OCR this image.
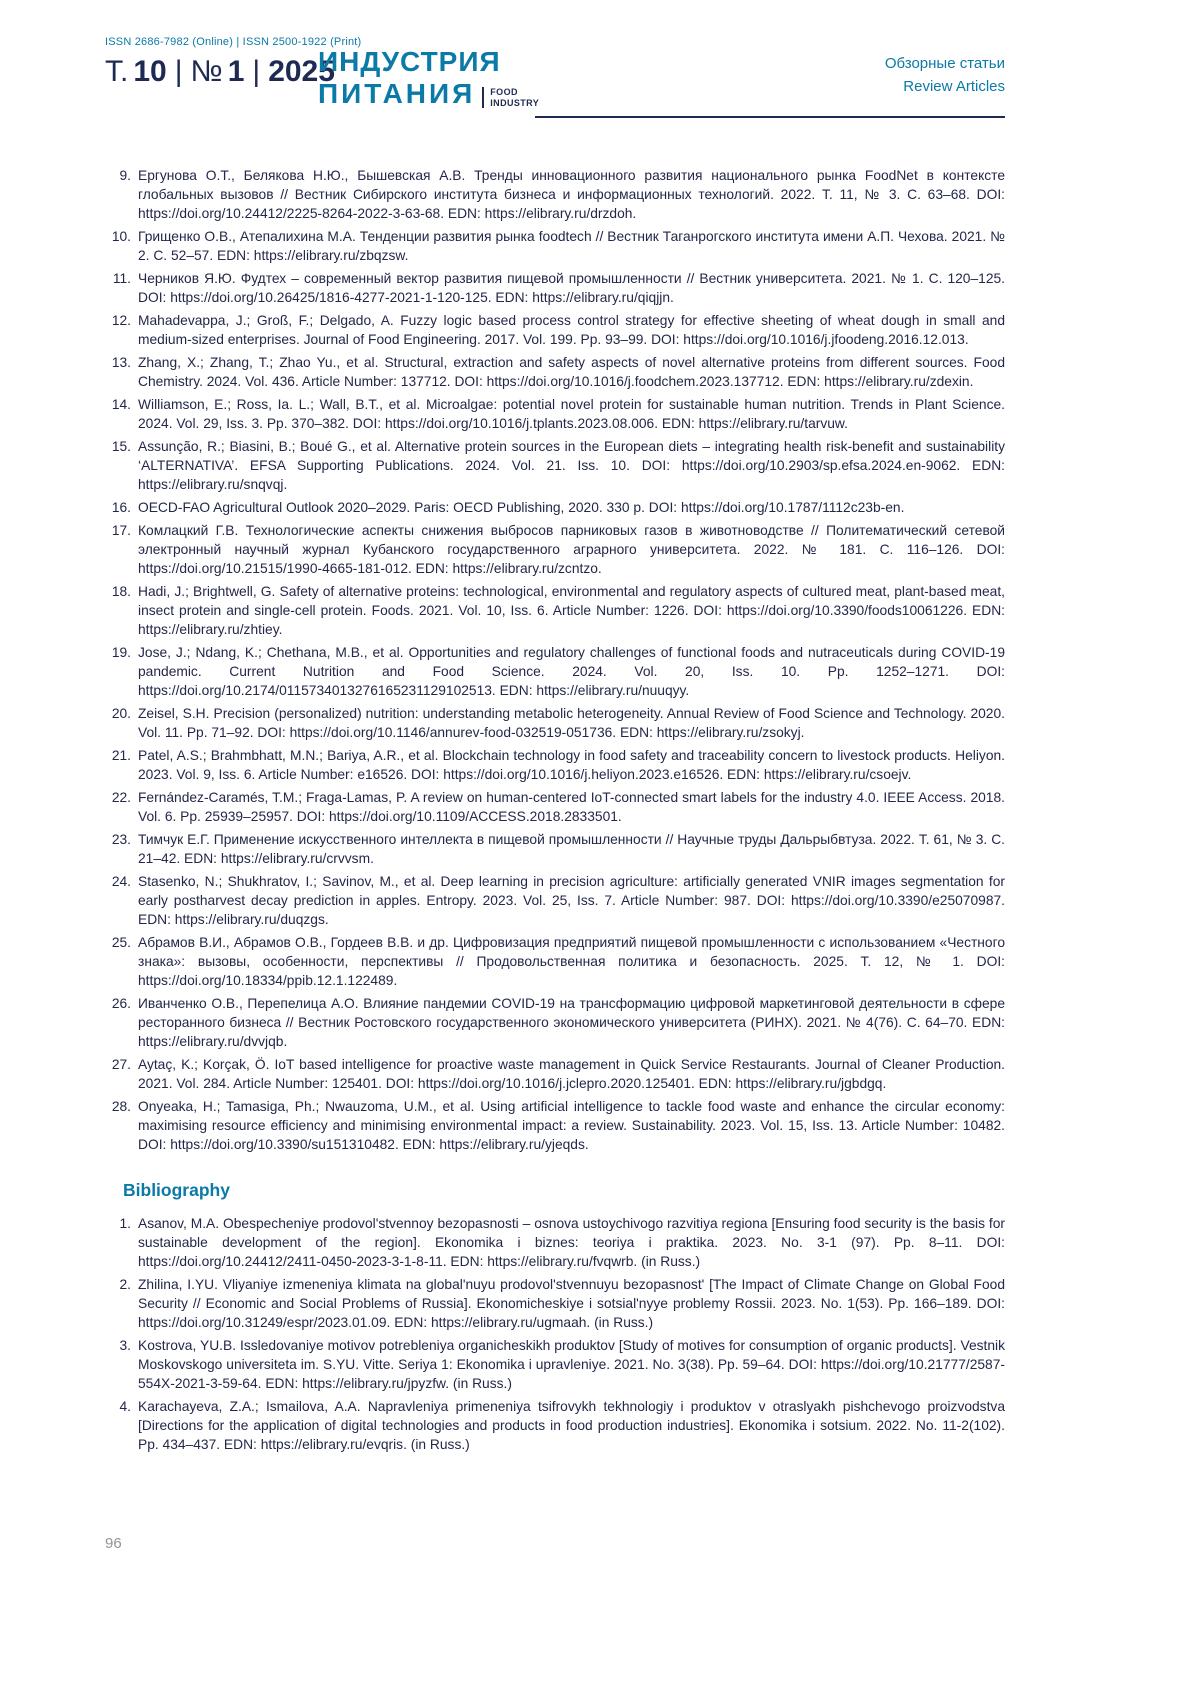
ISSN 2686-7982 (Online) | ISSN 2500-1922 (Print)
Т. 10 | № 1 | 2025
ИНДУСТРИЯ
ПИТАНИЯ FOOD
INDUSTRY
Обзорные статьи
Review Articles
9. Ергунова О.Т., Белякова Н.Ю., Бышевская А.В. Тренды инновационного развития национального рынка FoodNet в контексте глобальных вызовов // Вестник Сибирского института бизнеса и информационных технологий. 2022. Т. 11, № 3. С. 63–68. DOI: https://doi.org/10.24412/2225-8264-2022-3-63-68. EDN: https://elibrary.ru/drzdoh.
10. Грищенко О.В., Атепалихина М.А. Тенденции развития рынка foodtech // Вестник Таганрогского института имени А.П. Чехова. 2021. № 2. С. 52–57. EDN: https://elibrary.ru/zbqzsw.
11. Черников Я.Ю. Фудтех – современный вектор развития пищевой промышленности // Вестник университета. 2021. № 1. С. 120–125. DOI: https://doi.org/10.26425/1816-4277-2021-1-120-125. EDN: https://elibrary.ru/qiqjjn.
12. Mahadevappa, J.; Groß, F.; Delgado, A. Fuzzy logic based process control strategy for effective sheeting of wheat dough in small and medium-sized enterprises. Journal of Food Engineering. 2017. Vol. 199. Pp. 93–99. DOI: https://doi.org/10.1016/j.jfoodeng.2016.12.013.
13. Zhang, X.; Zhang, T.; Zhao Yu., et al. Structural, extraction and safety aspects of novel alternative proteins from different sources. Food Chemistry. 2024. Vol. 436. Article Number: 137712. DOI: https://doi.org/10.1016/j.foodchem.2023.137712. EDN: https://elibrary.ru/zdexin.
14. Williamson, E.; Ross, Ia. L.; Wall, B.T., et al. Microalgae: potential novel protein for sustainable human nutrition. Trends in Plant Science. 2024. Vol. 29, Iss. 3. Pp. 370–382. DOI: https://doi.org/10.1016/j.tplants.2023.08.006. EDN: https://elibrary.ru/tarvuw.
15. Assunção, R.; Biasini, B.; Boué G., et al. Alternative protein sources in the European diets – integrating health risk-benefit and sustainability ‘ALTERNATIVA’. EFSA Supporting Publications. 2024. Vol. 21. Iss. 10. DOI: https://doi.org/10.2903/sp.efsa.2024.en-9062. EDN: https://elibrary.ru/snqvqj.
16. OECD-FAO Agricultural Outlook 2020–2029. Paris: OECD Publishing, 2020. 330 p. DOI: https://doi.org/10.1787/1112c23b-en.
17. Комлацкий Г.В. Технологические аспекты снижения выбросов парниковых газов в животноводстве // Политематический сетевой электронный научный журнал Кубанского государственного аграрного университета. 2022. № 181. С. 116–126. DOI: https://doi.org/10.21515/1990-4665-181-012. EDN: https://elibrary.ru/zcntzo.
18. Hadi, J.; Brightwell, G. Safety of alternative proteins: technological, environmental and regulatory aspects of cultured meat, plant-based meat, insect protein and single-cell protein. Foods. 2021. Vol. 10, Iss. 6. Article Number: 1226. DOI: https://doi.org/10.3390/foods10061226. EDN: https://elibrary.ru/zhtiey.
19. Jose, J.; Ndang, K.; Chethana, M.B., et al. Opportunities and regulatory challenges of functional foods and nutraceuticals during COVID-19 pandemic. Current Nutrition and Food Science. 2024. Vol. 20, Iss. 10. Pp. 1252–1271. DOI: https://doi.org/10.2174/0115734013276165231129102513. EDN: https://elibrary.ru/nuuqyy.
20. Zeisel, S.H. Precision (personalized) nutrition: understanding metabolic heterogeneity. Annual Review of Food Science and Technology. 2020. Vol. 11. Pp. 71–92. DOI: https://doi.org/10.1146/annurev-food-032519-051736. EDN: https://elibrary.ru/zsokyj.
21. Patel, A.S.; Brahmbhatt, M.N.; Bariya, A.R., et al. Blockchain technology in food safety and traceability concern to livestock products. Heliyon. 2023. Vol. 9, Iss. 6. Article Number: e16526. DOI: https://doi.org/10.1016/j.heliyon.2023.e16526. EDN: https://elibrary.ru/csoejv.
22. Fernández-Caramés, T.M.; Fraga-Lamas, P. A review on human-centered IoT-connected smart labels for the industry 4.0. IEEE Access. 2018. Vol. 6. Pp. 25939–25957. DOI: https://doi.org/10.1109/ACCESS.2018.2833501.
23. Тимчук Е.Г. Применение искусственного интеллекта в пищевой промышленности // Научные труды Дальрыбвтуза. 2022. Т. 61, № 3. С. 21–42. EDN: https://elibrary.ru/crvvsm.
24. Stasenko, N.; Shukhratov, I.; Savinov, M., et al. Deep learning in precision agriculture: artificially generated VNIR images segmentation for early postharvest decay prediction in apples. Entropy. 2023. Vol. 25, Iss. 7. Article Number: 987. DOI: https://doi.org/10.3390/e25070987. EDN: https://elibrary.ru/duqzgs.
25. Абрамов В.И., Абрамов О.В., Гордеев В.В. и др. Цифровизация предприятий пищевой промышленности с использованием «Честного знака»: вызовы, особенности, перспективы // Продовольственная политика и безопасность. 2025. Т. 12, № 1. DOI: https://doi.org/10.18334/ppib.12.1.122489.
26. Иванченко О.В., Перепелица А.О. Влияние пандемии COVID-19 на трансформацию цифровой маркетинговой деятельности в сфере ресторанного бизнеса // Вестник Ростовского государственного экономического университета (РИНХ). 2021. № 4(76). С. 64–70. EDN: https://elibrary.ru/dvvjqb.
27. Aytaç, K.; Korçak, Ö. IoT based intelligence for proactive waste management in Quick Service Restaurants. Journal of Cleaner Production. 2021. Vol. 284. Article Number: 125401. DOI: https://doi.org/10.1016/j.jclepro.2020.125401. EDN: https://elibrary.ru/jgbdgq.
28. Onyeaka, H.; Tamasiga, Ph.; Nwauzoma, U.M., et al. Using artificial intelligence to tackle food waste and enhance the circular economy: maximising resource efficiency and minimising environmental impact: a review. Sustainability. 2023. Vol. 15, Iss. 13. Article Number: 10482. DOI: https://doi.org/10.3390/su151310482. EDN: https://elibrary.ru/yjeqds.
Bibliography
1. Asanov, M.A. Obespecheniye prodovol'stvennoy bezopasnosti – osnova ustoychivogo razvitiya regiona [Ensuring food security is the basis for sustainable development of the region]. Ekonomika i biznes: teoriya i praktika. 2023. No. 3-1 (97). Pp. 8–11. DOI: https://doi.org/10.24412/2411-0450-2023-3-1-8-11. EDN: https://elibrary.ru/fvqwrb. (in Russ.)
2. Zhilina, I.YU. Vliyaniye izmeneniya klimata na global'nuyu prodovol'stvennuyu bezopasnost' [The Impact of Climate Change on Global Food Security // Economic and Social Problems of Russia]. Ekonomicheskiye i sotsial'nyye problemy Rossii. 2023. No. 1(53). Pp. 166–189. DOI: https://doi.org/10.31249/espr/2023.01.09. EDN: https://elibrary.ru/ugmaah. (in Russ.)
3. Kostrova, YU.B. Issledovaniye motivov potrebleniya organicheskikh produktov [Study of motives for consumption of organic products]. Vestnik Moskovskogo universiteta im. S.YU. Vitte. Seriya 1: Ekonomika i upravleniye. 2021. No. 3(38). Pp. 59–64. DOI: https://doi.org/10.21777/2587-554X-2021-3-59-64. EDN: https://elibrary.ru/jpyzfw. (in Russ.)
4. Karachayeva, Z.A.; Ismailova, A.A. Napravleniya primeneniya tsifrovykh tekhnologiy i produktov v otraslyakh pishchevogo proizvodstva [Directions for the application of digital technologies and products in food production industries]. Ekonomika i sotsium. 2022. No. 11-2(102). Pp. 434–437. EDN: https://elibrary.ru/evqris. (in Russ.)
96
